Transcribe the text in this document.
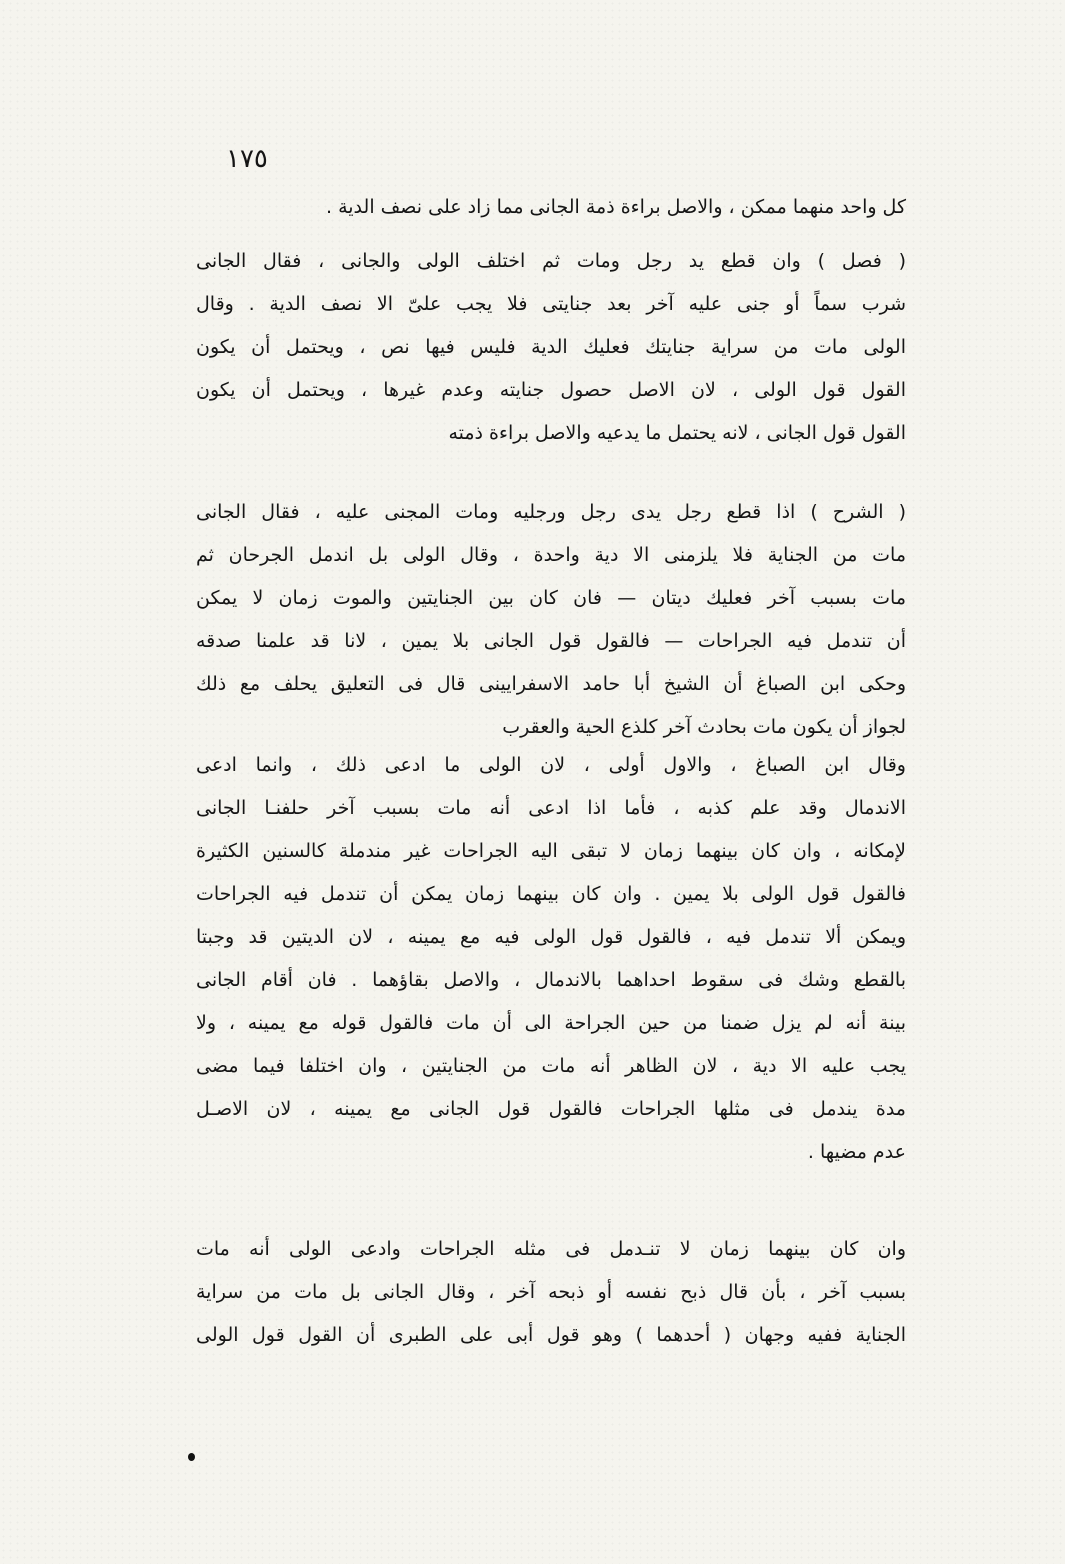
١٧٥
كل واحد منهما ممكن ، والاصل براءة ذمة الجانى مما زاد على نصف الدية .
( فصل ) وان قطع يد رجل ومات ثم اختلف الولى والجانى ، فقال الجانى
شرب سماً أو جنى عليه آخر بعد جنايتى فلا يجب علىّ الا نصف الدية . وقال
الولى مات من سراية جنايتك فعليك الدية فليس فيها نص ، ويحتمل أن يكون
القول قول الولى ، لان الاصل حصول جنايته وعدم غيرها ، ويحتمل أن يكون
القول قول الجانى ، لانه يحتمل ما يدعيه والاصل براءة ذمته
( الشرح ) اذا قطع رجل يدى رجل ورجليه ومات المجنى عليه ، فقال الجانى
مات من الجناية فلا يلزمنى الا دية واحدة ، وقال الولى بل اندمل الجرحان ثم
مات بسبب آخر فعليك ديتان — فان كان بين الجنايتين والموت زمان لا يمكن
أن تندمل فيه الجراحات — فالقول قول الجانى بلا يمين ، لانا قد علمنا صدقه
وحكى ابن الصباغ أن الشيخ أبا حامد الاسفرايينى قال فى التعليق يحلف مع ذلك
لجواز أن يكون مات بحادث آخر كلذع الحية والعقرب
وقال ابن الصباغ ، والاول أولى ، لان الولى ما ادعى ذلك ، وانما ادعى
الاندمال وقد علم كذبه ، فأما اذا ادعى أنه مات بسبب آخر حلفنـا الجانى
لإمكانه ، وان كان بينهما زمان لا تبقى اليه الجراحات غير مندملة كالسنين الكثيرة
فالقول قول الولى بلا يمين . وان كان بينهما زمان يمكن أن تندمل فيه الجراحات
ويمكن ألا تندمل فيه ، فالقول قول الولى فيه مع يمينه ، لان الديتين قد وجبتا
بالقطع وشك فى سقوط احداهما بالاندمال ، والاصل بقاؤهما . فان أقام الجانى
بينة أنه لم يزل ضمنا من حين الجراحة الى أن مات فالقول قوله مع يمينه ، ولا
يجب عليه الا دية ، لان الظاهر أنه مات من الجنايتين ، وان اختلفا فيما مضى
مدة يندمل فى مثلها الجراحات فالقول قول الجانى مع يمينه ، لان الاصـل
عدم مضيها .
وان كان بينهما زمان لا تنـدمل فى مثله الجراحات وادعى الولى أنه مات
بسبب آخر ، بأن قال ذبح نفسه أو ذبحه آخر ، وقال الجانى بل مات من سراية
الجناية ففيه وجهان ( أحدهما ) وهو قول أبى على الطبرى أن القول قول الولى
